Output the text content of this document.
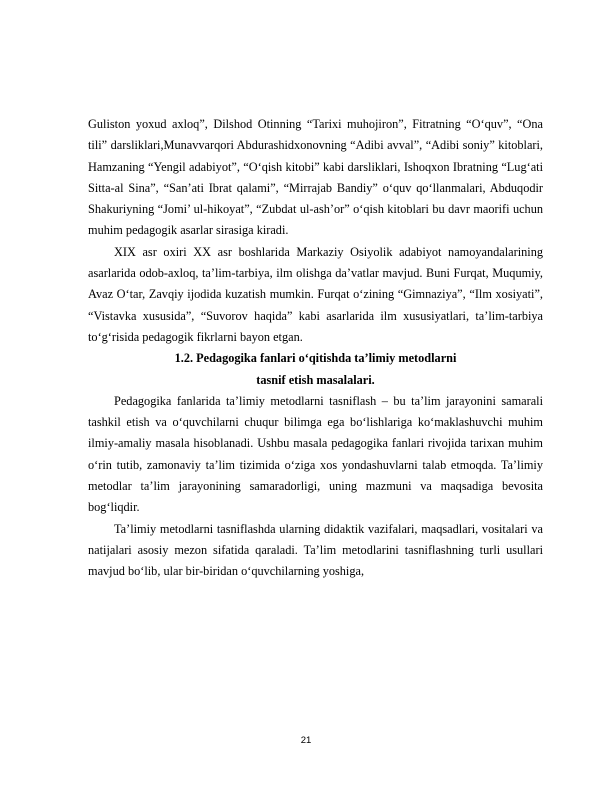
Guliston yoxud axloq”, Dilshod Otinning “Tarixi muhojiron”, Fitratning “O‘quv”, “Ona tili” darsliklari,Munavvarqori Abdurashidxonovning “Adibi avval”, “Adibi soniy” kitoblari, Hamzaning “Yengil adabiyot”, “O‘qish kitobi” kabi darsliklari, Ishoqxon Ibratning “Lug‘ati Sitta-al Sina”, “San’ati Ibrat qalami”, “Mirrajab Bandiy” o‘quv qo‘llanmalari, Abduqodir Shakuriyning “Jomi’ ul-hikoyat”, “Zubdat ul-ash’or” o‘qish kitoblari bu davr maorifi uchun muhim pedagogik asarlar sirasiga kiradi.

XIX asr oxiri XX asr boshlarida Markaziy Osiyolik adabiyot namoyandalarining asarlarida odob-axloq, ta’lim-tarbiya, ilm olishga da’vatlar mavjud. Buni Furqat, Muqumiy, Avaz O‘tar, Zavqiy ijodida kuzatish mumkin. Furqat o‘zining “Gimnaziya”, “Ilm xosiyati”, “Vistavka xususida”, “Suvorov haqida” kabi asarlarida ilm xususiyatlari, ta’lim-tarbiya to‘g‘risida pedagogik fikrlarni bayon etgan.

1.2. Pedagogika fanlari o‘qitishda ta’limiy metodlarni

tasnif etish masalalari.

Pedagogika fanlarida ta’limiy metodlarni tasniflash – bu ta’lim jarayonini samarali tashkil etish va o‘quvchilarni chuqur bilimga ega bo‘lishlariga ko‘maklashuvchi muhim ilmiy-amaliy masala hisoblanadi. Ushbu masala pedagogika fanlari rivojida tarixan muhim o‘rin tutib, zamonaviy ta’lim tizimida o‘ziga xos yondashuvlarni talab etmoqda. Ta’limiy metodlar ta’lim jarayonining samaradorligi, uning mazmuni va maqsadiga bevosita bog‘liqdir.

Ta’limiy metodlarni tasniflashda ularning didaktik vazifalari, maqsadlari, vositalari va natijalari asosiy mezon sifatida qaraladi. Ta’lim metodlarini tasniflashning turli usullari mavjud bo‘lib, ular bir-biridan o‘quvchilarning yoshiga,

21
